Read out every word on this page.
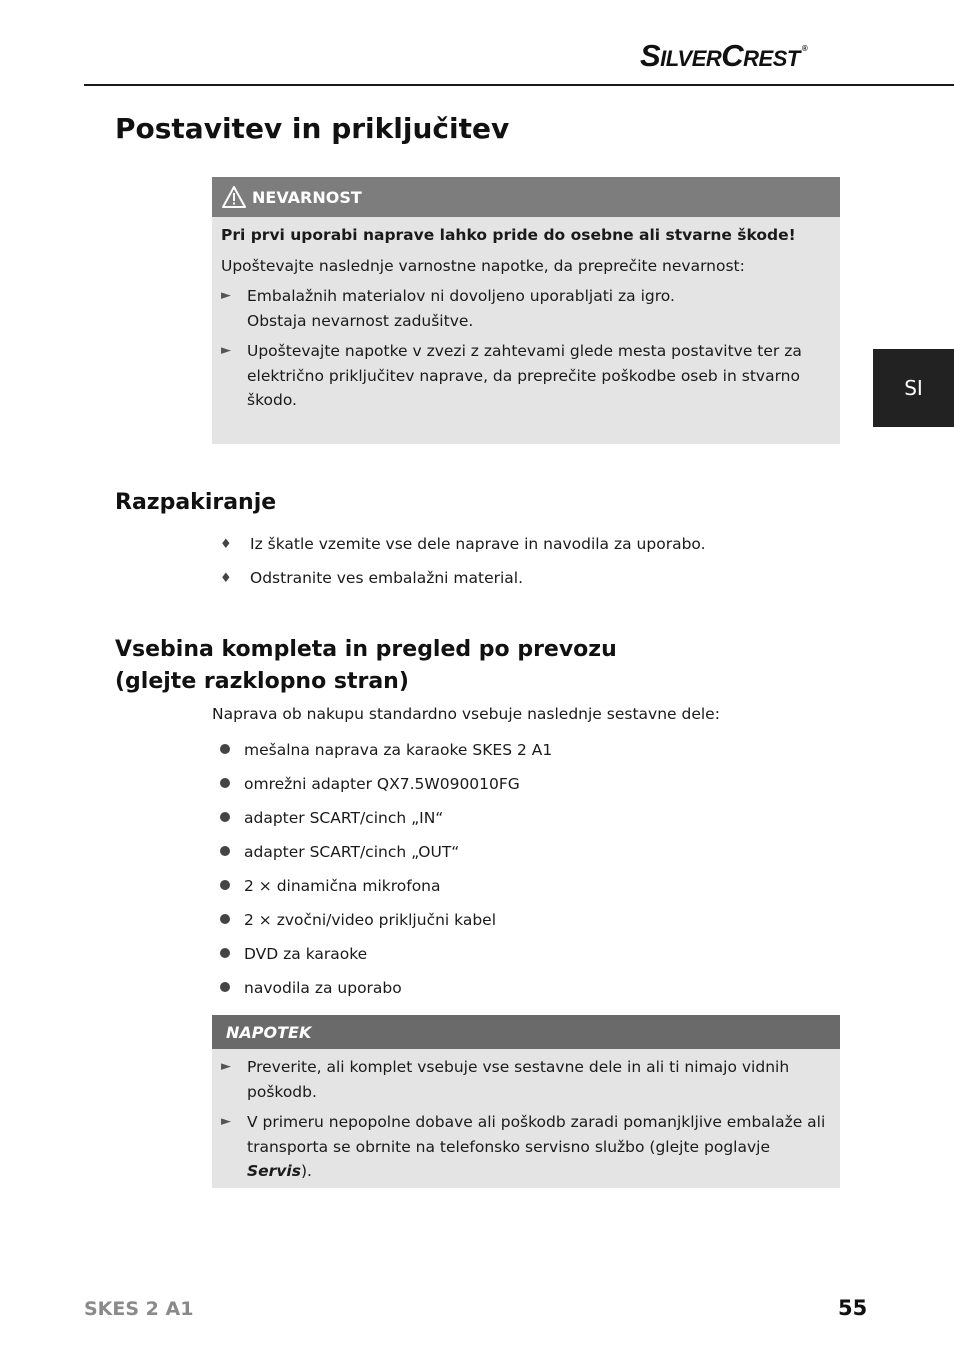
SilverCrest ®
SI
Postavitev in priključitev
NEVARNOST

Pri prvi uporabi naprave lahko pride do osebne ali stvarne škode!

Upoštevajte naslednje varnostne napotke, da preprečite nevarnost:

►	Embalažnih materialov ni dovoljeno uporabljati za igro.
Obstaja nevarnost zadušitve.
►	Upoštevajte napotke v zvezi z zahtevami glede mesta postavitve ter za električno priključitev naprave, da preprečite poškodbe oseb in stvarno škodo.
Razpakiranje
♦	Iz škatle vzemite vse dele naprave in navodila za uporabo.
♦	Odstranite ves embalažni material.
Vsebina kompleta in pregled po prevozu
(glejte razklopno stran)

Naprava ob nakupu standardno vsebuje naslednje sestavne dele:

mešalna naprava za karaoke SKES 2 A1
omrežni adapter QX7.5W090010FG
adapter SCART/cinch „IN“
adapter SCART/cinch „OUT“
2 × dinamična mikrofona
2 × zvočni/video priključni kabel
DVD za karaoke
navodila za uporabo
NAPOTEK
►	Preverite, ali komplet vsebuje vse sestavne dele in ali ti nimajo vidnih poškodb.
►	V primeru nepopolne dobave ali poškodb zaradi pomanjkljive embalaže ali transporta se obrnite na telefonsko servisno službo (glejte poglavje Servis).
SKES 2 A1	55
